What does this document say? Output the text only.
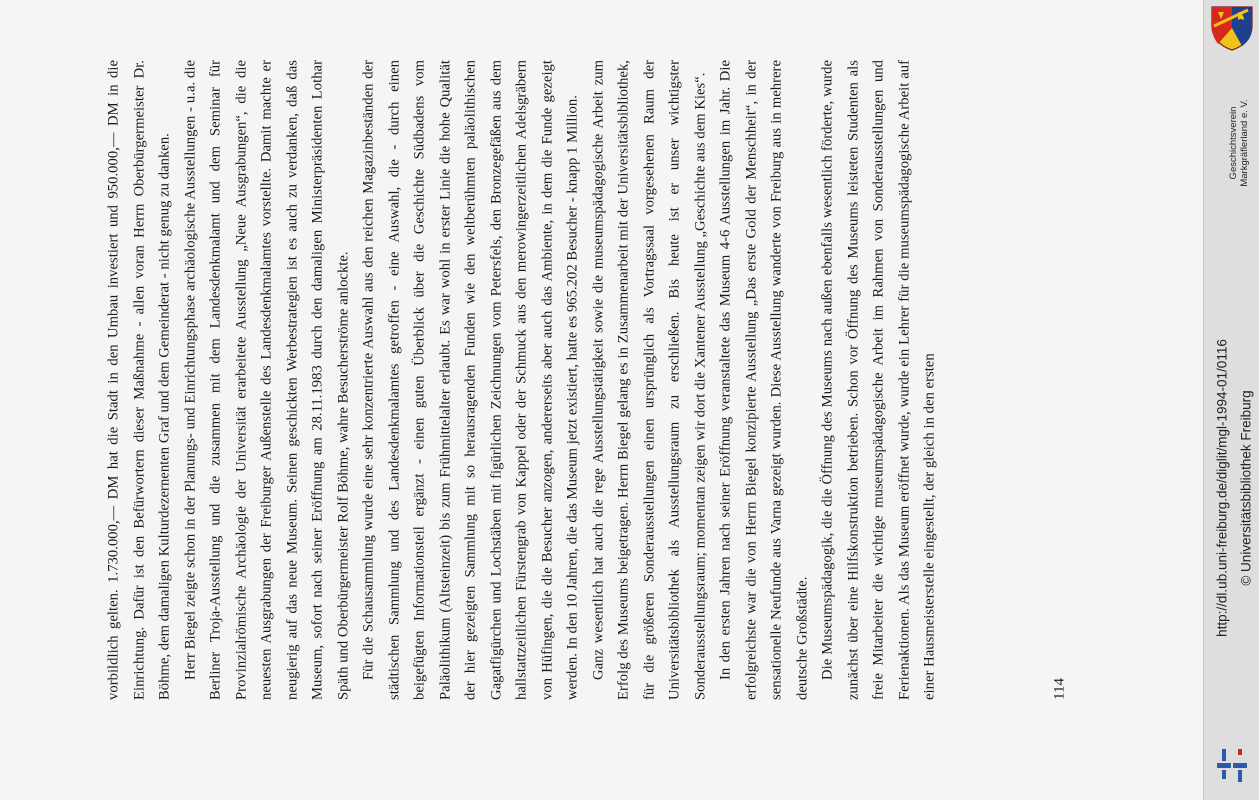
vorbildlich gelten. 1.730.000,— DM hat die Stadt in den Umbau investiert und 950.000,— DM in die Einrichtung. Dafür ist den Befürwortern dieser Maßnahme - allen voran Herrn Oberbürgermeister Dr. Böhme, dem damaligen Kulturdezernenten Graf und dem Gemeinderat - nicht genug zu danken. Herr Biegel zeigte schon in der Planungs- und Einrichtungsphase archäologische Ausstellungen - u.a. die Berliner Troja-Ausstellung und die zusammen mit dem Landesdenkmalamt und dem Seminar für Provinzialrömische Archäologie der Universität erarbeitete Ausstellung „Neue Ausgrabungen“, die die neuesten Ausgrabungen der Freiburger Außenstelle des Landesdenkmalamtes vorstellte. Damit machte er neugierig auf das neue Museum. Seinen geschickten Werbestrategien ist es auch zu verdanken, daß das Museum, sofort nach seiner Eröffnung am 28.11.1983 durch den damaligen Ministerpräsidenten Lothar Späth und Oberbürgermeister Rolf Böhme, wahre Besucherströme anlockte. Für die Schausammlung wurde eine sehr konzentrierte Auswahl aus den reichen Magazinbeständen der städtischen Sammlung und des Landesdenkmalamtes getroffen - eine Auswahl, die - durch einen beigefügten Informationsteil ergänzt - einen guten Überblick über die Geschichte Südbadens vom Paläolithikum (Altsteinzeit) bis zum Frühmittelalter erlaubt. Es war wohl in erster Linie die hohe Qualität der hier gezeigten Sammlung mit so herausragenden Funden wie den weltberühmten paläolithischen Gagatfigürchen und Lochstäben mit figürlichen Zeichnungen vom Petersfels, den Bronzegefäßen aus dem hallstattzeitlichen Fürstengrab von Kappel oder der Schmuck aus den merowingerzeitlichen Adelsgräbern von Hüfingen, die die Besucher anzogen, andererseits aber auch das Ambiente, in dem die Funde gezeigt werden. In den 10 Jahren, die das Museum jetzt existiert, hatte es 965.202 Besucher - knapp 1 Million. Ganz wesentlich hat auch die rege Ausstellungstätigkeit sowie die museumspädagogische Arbeit zum Erfolg des Museums beigetragen. Herrn Biegel gelang es in Zusammenarbeit mit der Universitätsbibliothek, für die größeren Sonderausstellungen einen ursprünglich als Vortragssaal vorgesehenen Raum der Universitätsbibliothek als Ausstellungsraum zu erschließen. Bis heute ist er unser wichtigster Sonderausstellungsraum; momentan zeigen wir dort die Xantener Ausstellung „Geschichte aus dem Kies“. In den ersten Jahren nach seiner Eröffnung veranstaltete das Museum 4-6 Ausstellungen im Jahr. Die erfolgreichste war die von Herrn Biegel konzipierte Ausstellung „Das erste Gold der Menschheit“, in der sensationelle Neufunde aus Varna gezeigt wurden. Diese Ausstellung wanderte von Freiburg aus in mehrere deutsche Großstädte. Die Museumspädagogik, die die Öffnung des Museums nach außen ebenfalls wesentlich förderte, wurde zunächst über eine Hilfskonstruktion betrieben. Schon vor Öffnung des Museums leisteten Studenten als freie Mitarbeiter die wichtige museumspädagogische Arbeit im Rahmen von Sonderausstellungen und Ferienaktionen. Als das Museum eröffnet wurde, wurde ein Lehrer für die museumspädagogische Arbeit auf einer Hausmeisterstelle eingestellt, der gleich in den ersten	114
Geschichtsverein Markgräflerland e. V.
http://dl.ub.uni-freiburg.de/diglit/mgl-1994-01/0116 © Universitätsbibliothek Freiburg
